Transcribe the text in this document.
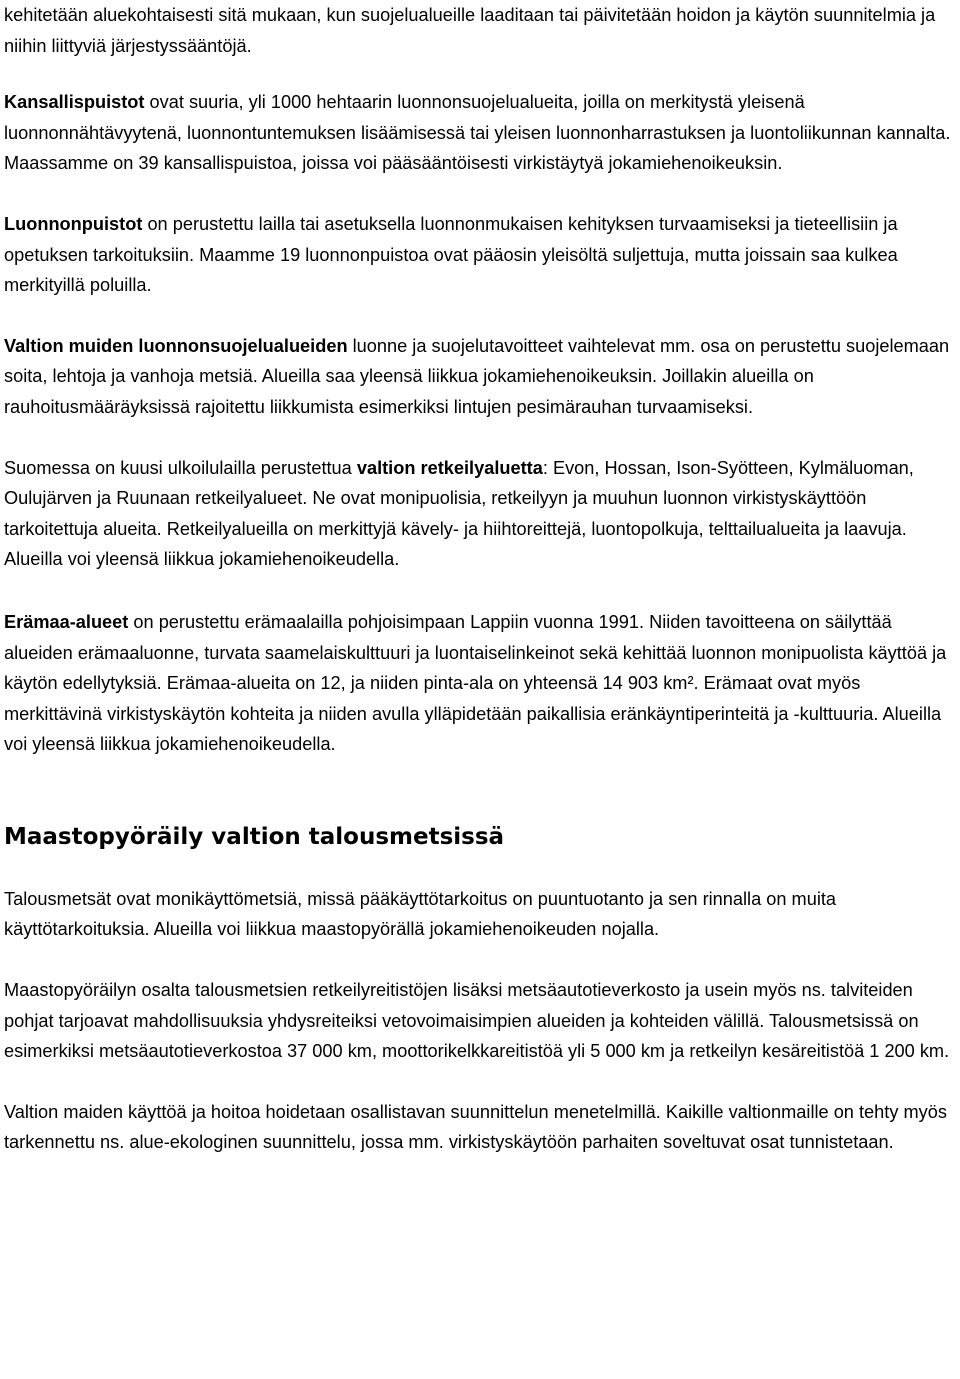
kehitetään aluekohtaisesti sitä mukaan, kun suojelualueille laaditaan tai päivitetään hoidon ja käytön suunnitelmia ja niihin liittyviä järjestyssääntöjä.

Kansallispuistot ovat suuria, yli 1000 hehtaarin luonnonsuojelualueita, joilla on merkitystä yleisenä luonnonnähtävyytenä, luonnontuntemuksen lisäämisessä tai yleisen luonnonharrastuksen ja luontoliikunnan kannalta. Maassamme on 39 kansallispuistoa, joissa voi pääsääntöisesti virkistäytyä jokamiehenoikeuksin.

Luonnonpuistot on perustettu lailla tai asetuksella luonnonmukaisen kehityksen turvaamiseksi ja tieteellisiin ja opetuksen tarkoituksiin. Maamme 19 luonnonpuistoa ovat pääosin yleisöltä suljettuja, mutta joissain saa kulkea merkityillä poluilla.

Valtion muiden luonnonsuojelualueiden luonne ja suojelutavoitteet vaihtelevat mm. osa on perustettu suojelemaan soita, lehtoja ja vanhoja metsiä. Alueilla saa yleensä liikkua jokamiehenoikeuksin. Joillakin alueilla on rauhoitusmääräyksissä rajoitettu liikkumista esimerkiksi lintujen pesimärauhan turvaamiseksi.

Suomessa on kuusi ulkoilulailla perustettua valtion retkeilyaluetta: Evon, Hossan, Ison-Syötteen, Kylmäluoman, Oulujärven ja Ruunaan retkeilyalueet. Ne ovat monipuolisia, retkeilyyn ja muuhun luonnon virkistyskäyttöön tarkoitettuja alueita. Retkeilyalueilla on merkittyjä kävely- ja hiihtoreittejä, luontopolkuja, telttailualueita ja laavuja. Alueilla voi yleensä liikkua jokamiehenoikeudella.

Erämaa-alueet on perustettu erämaalailla pohjoisimpaan Lappiin vuonna 1991. Niiden tavoitteena on säilyttää alueiden erämaaluonne, turvata saamelaiskulttuuri ja luontaiselinkeinot sekä kehittää luonnon monipuolista käyttöä ja käytön edellytyksiä. Erämaa-alueita on 12, ja niiden pinta-ala on yhteensä 14 903 km². Erämaat ovat myös merkittävinä virkistyskäytön kohteita ja niiden avulla ylläpidetään paikallisia eränkäyntiperinteitä ja -kulttuuria. Alueilla voi yleensä liikkua jokamiehenoikeudella.

Maastopyöräily valtion talousmetsissä

Talousmetsät ovat monikäyttömetsiä, missä pääkäyttötarkoitus on puuntuotanto ja sen rinnalla on muita käyttötarkoituksia. Alueilla voi liikkua maastopyörällä jokamiehenoikeuden nojalla.

Maastopyöräilyn osalta talousmetsien retkeilyreitistöjen lisäksi metsäautotieverkosto ja usein myös ns. talviteiden pohjat tarjoavat mahdollisuuksia yhdysreiteiksi vetovoimaisimpien alueiden ja kohteiden välillä. Talousmetsissä on esimerkiksi metsäautotieverkostoa 37 000 km, moottorikelkkareitistöä yli 5 000 km ja retkeilyn kesäreitistöä 1 200 km.

Valtion maiden käyttöä ja hoitoa hoidetaan osallistavan suunnittelun menetelmillä. Kaikille valtionmaille on tehty myös tarkennettu ns. alue-ekologinen suunnittelu, jossa mm. virkistyskäytöön parhaiten soveltuvat osat tunnistetaan.
